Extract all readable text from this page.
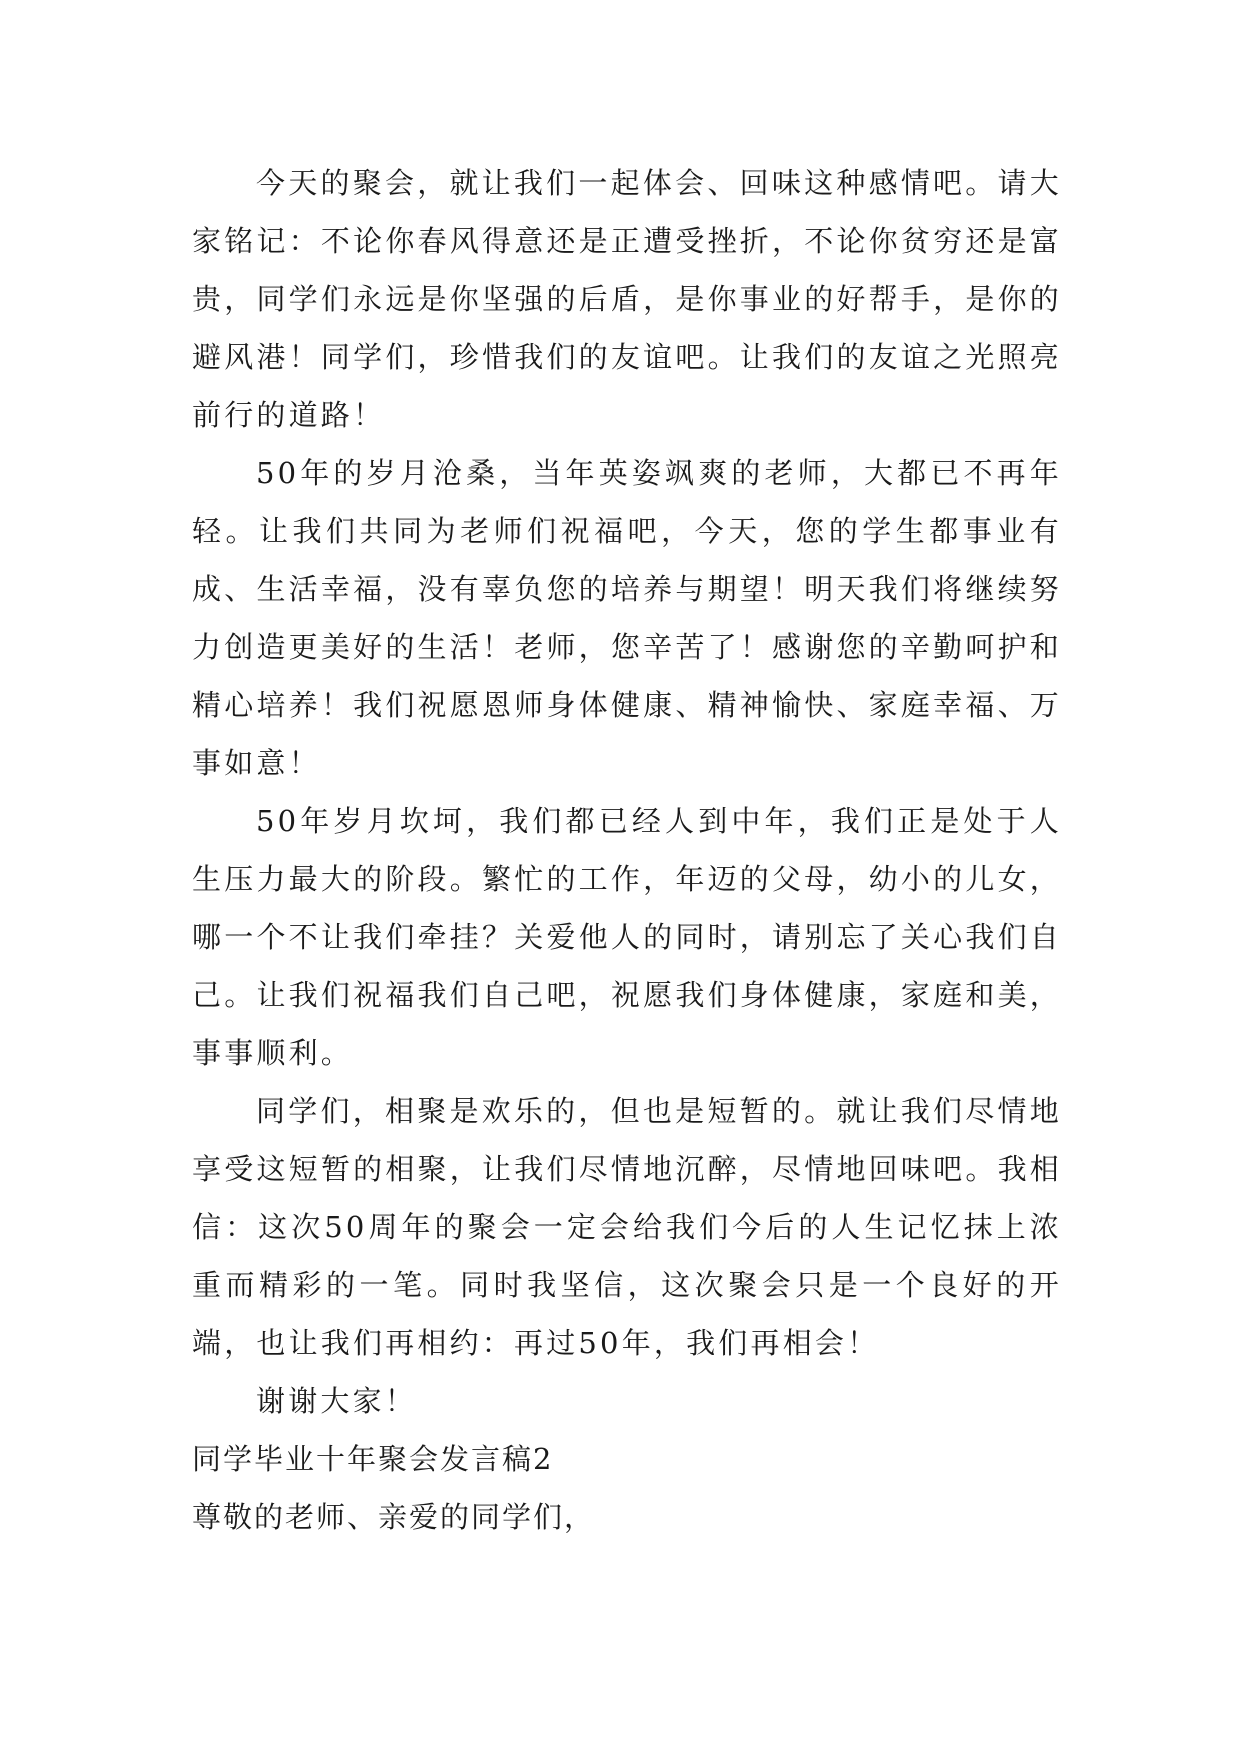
今天的聚会，就让我们一起体会、回味这种感情吧。请大家铭记：不论你春风得意还是正遭受挫折，不论你贫穷还是富贵，同学们永远是你坚强的后盾，是你事业的好帮手，是你的避风港！同学们，珍惜我们的友谊吧。让我们的友谊之光照亮前行的道路！

50年的岁月沧桑，当年英姿飒爽的老师，大都已不再年轻。让我们共同为老师们祝福吧，今天，您的学生都事业有成、生活幸福，没有辜负您的培养与期望！明天我们将继续努力创造更美好的生活！老师，您辛苦了！感谢您的辛勤呵护和精心培养！我们祝愿恩师身体健康、精神愉快、家庭幸福、万事如意！

50年岁月坎坷，我们都已经人到中年，我们正是处于人生压力最大的阶段。繁忙的工作，年迈的父母，幼小的儿女，哪一个不让我们牵挂？关爱他人的同时，请别忘了关心我们自己。让我们祝福我们自己吧，祝愿我们身体健康，家庭和美，事事顺利。

同学们，相聚是欢乐的，但也是短暂的。就让我们尽情地享受这短暂的相聚，让我们尽情地沉醉，尽情地回味吧。我相信：这次50周年的聚会一定会给我们今后的人生记忆抹上浓重而精彩的一笔。同时我坚信，这次聚会只是一个良好的开端，也让我们再相约：再过50年，我们再相会！

谢谢大家！

同学毕业十年聚会发言稿2

尊敬的老师、亲爱的同学们，
